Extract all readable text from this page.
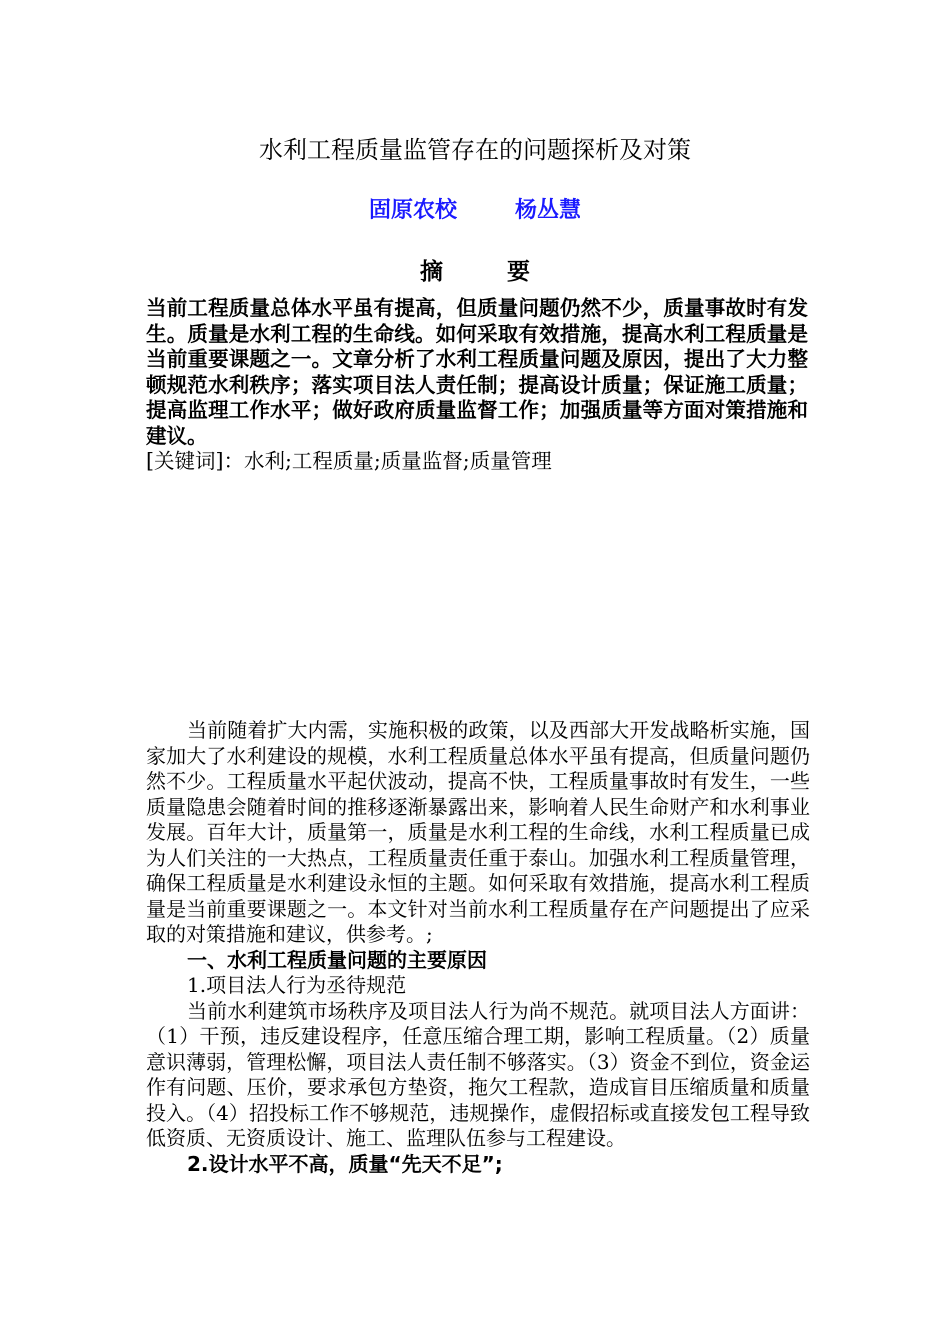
水利工程质量监管存在的问题探析及对策
固原农校	杨丛慧
摘 要
当前工程质量总体水平虽有提高，但质量问题仍然不少，质量事故时有发生。质量是水利工程的生命线。如何采取有效措施，提高水利工程质量是当前重要课题之一。文章分析了水利工程质量问题及原因，提出了大力整顿规范水利秩序；落实项目法人责任制；提高设计质量；保证施工质量；提高监理工作水平；做好政府质量监督工作；加强质量等方面对策措施和建议。
[关键词]：水利;工程质量;质量监督;质量管理

当前随着扩大内需，实施积极的政策，以及西部大开发战略析实施，国家加大了水利建设的规模，水利工程质量总体水平虽有提高，但质量问题仍然不少。工程质量水平起伏波动，提高不快，工程质量事故时有发生，一些质量隐患会随着时间的推移逐渐暴露出来，影响着人民生命财产和水利事业发展。百年大计，质量第一，质量是水利工程的生命线，水利工程质量已成为人们关注的一大热点，工程质量责任重于泰山。加强水利工程质量管理，确保工程质量是水利建设永恒的主题。如何采取有效措施，提高水利工程质量是当前重要课题之一。本文针对当前水利工程质量存在产问题提出了应采取的对策措施和建议，供参考。;

一、水利工程质量问题的主要原因

1.项目法人行为丞待规范

当前水利建筑市场秩序及项目法人行为尚不规范。就项目法人方面讲：（1）干预，违反建设程序，任意压缩合理工期，影响工程质量。（2）质量意识薄弱，管理松懈，项目法人责任制不够落实。（3）资金不到位，资金运作有问题、压价，要求承包方垫资，拖欠工程款，造成盲目压缩质量和质量投入。（4）招投标工作不够规范，违规操作，虚假招标或直接发包工程导致低资质、无资质设计、施工、监理队伍参与工程建设。

2.设计水平不高，质量“先天不足”;
